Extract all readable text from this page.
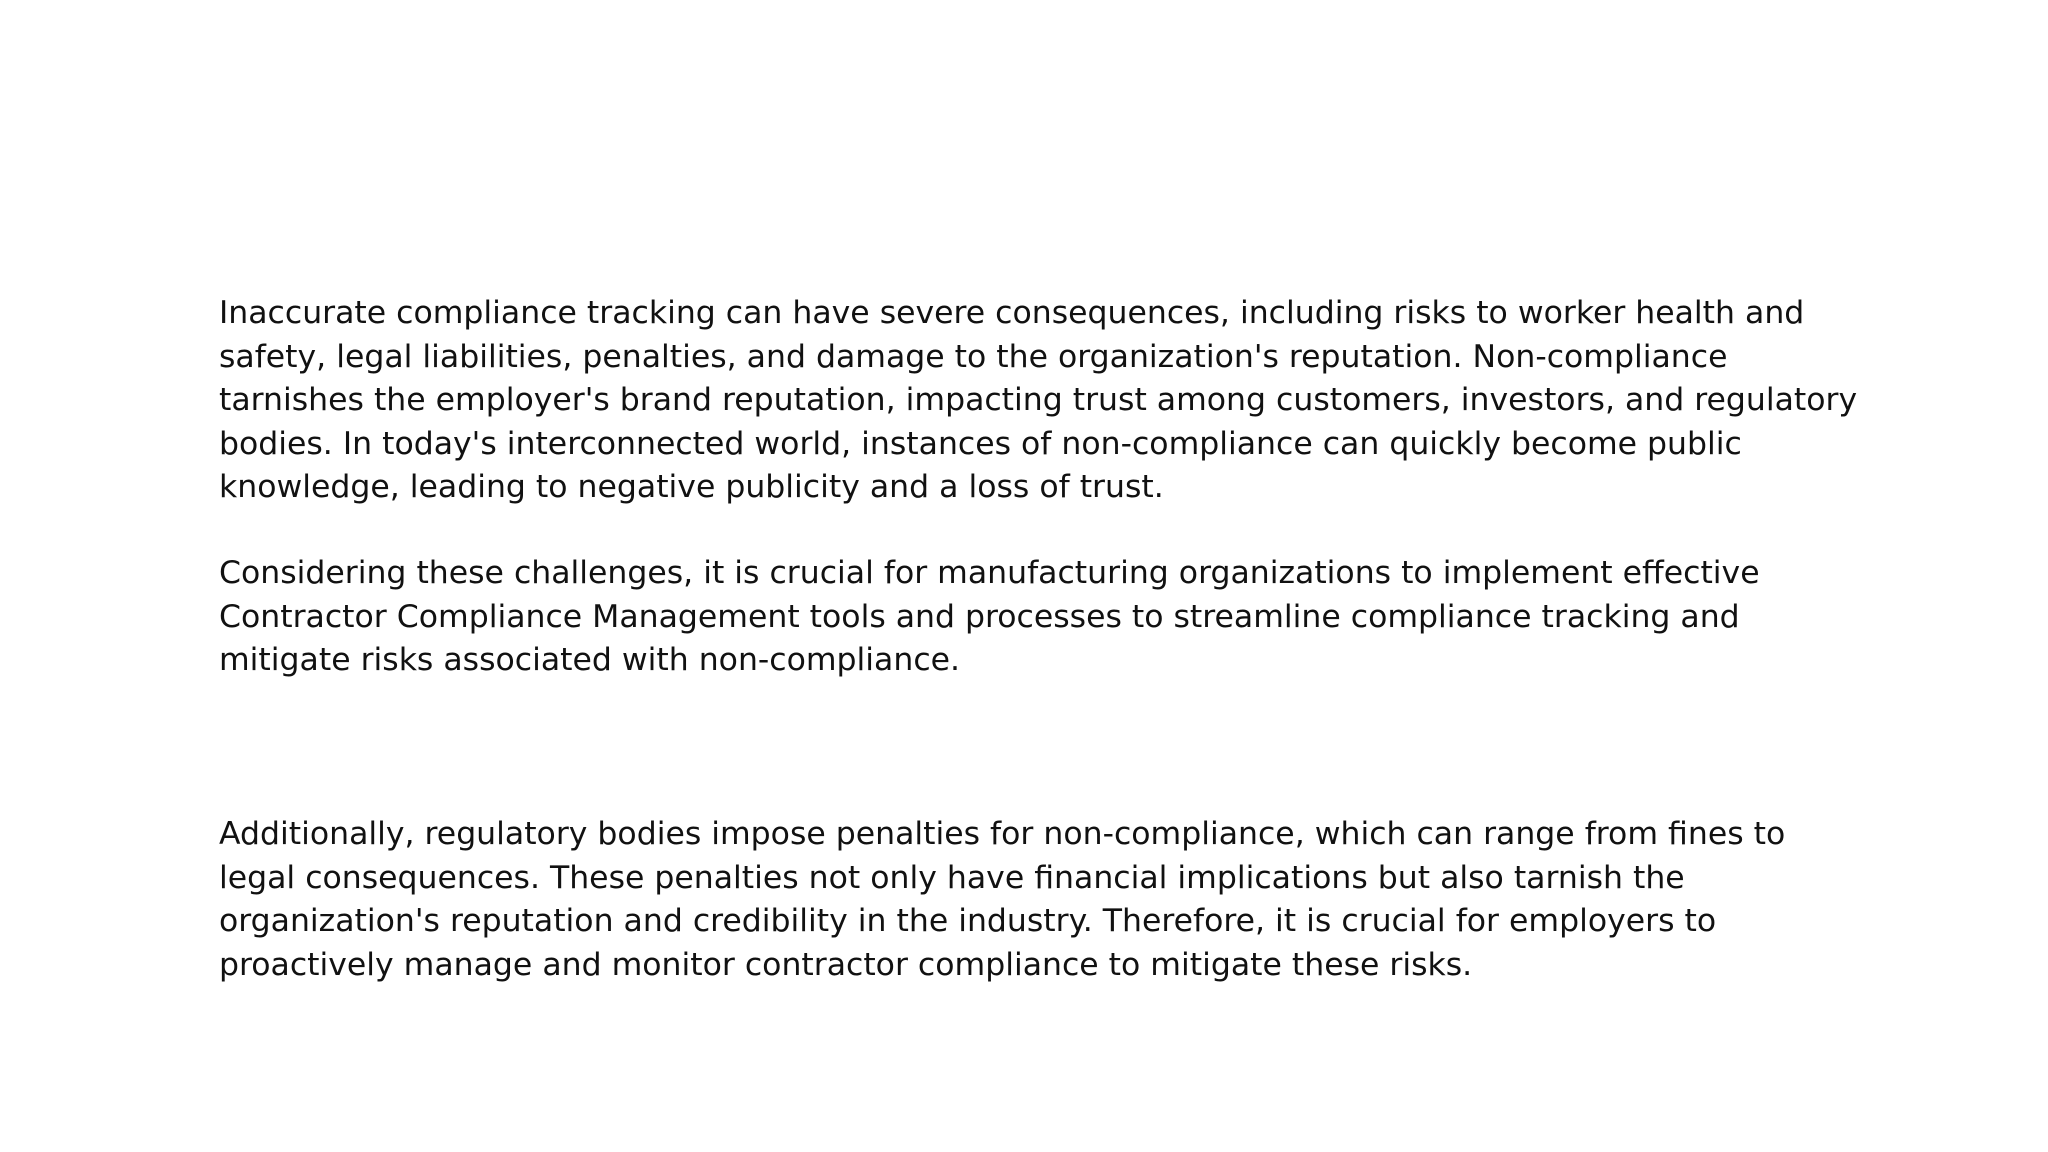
Inaccurate compliance tracking can have severe consequences, including risks to worker health and

safety, legal liabilities, penalties, and damage to the organization's reputation. Non-compliance

tarnishes the employer's brand reputation, impacting trust among customers, investors, and regulatory

bodies. In today's interconnected world, instances of non-compliance can quickly become public

knowledge, leading to negative publicity and a loss of trust.

Considering these challenges, it is crucial for manufacturing organizations to implement effective

Contractor Compliance Management tools and processes to streamline compliance tracking and

mitigate risks associated with non-compliance.

Additionally, regulatory bodies impose penalties for non-compliance, which can range from fines to

legal consequences. These penalties not only have financial implications but also tarnish the

organization's reputation and credibility in the industry. Therefore, it is crucial for employers to

proactively manage and monitor contractor compliance to mitigate these risks.
